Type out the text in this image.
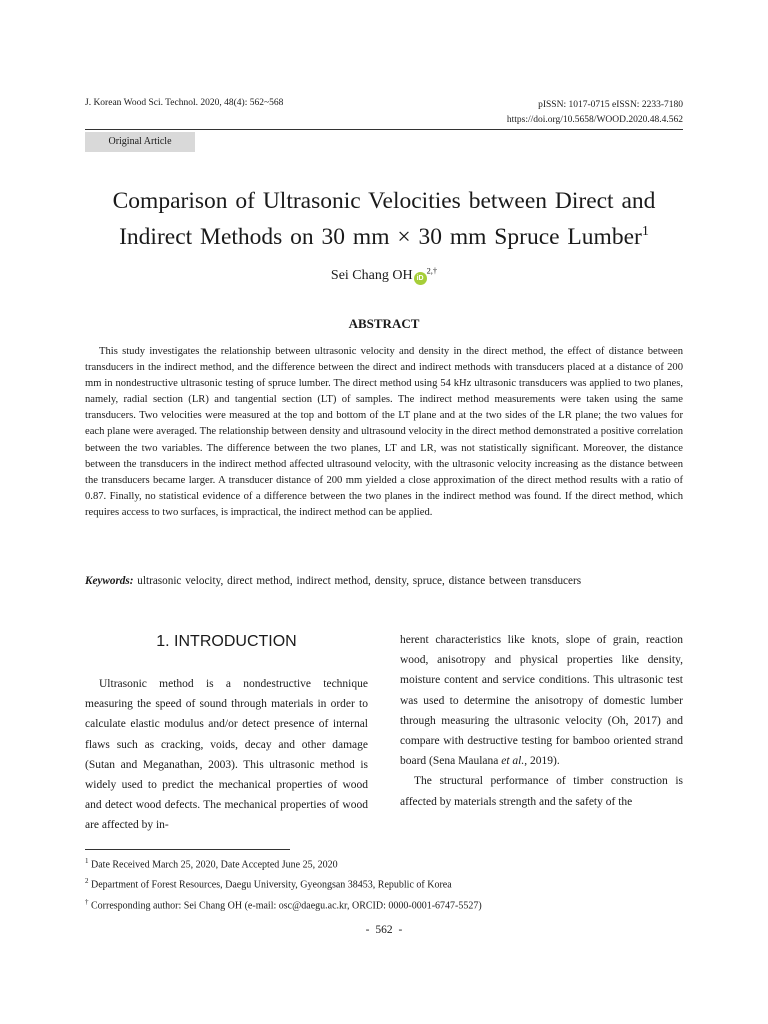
J. Korean Wood Sci. Technol. 2020, 48(4): 562~568	pISSN: 1017-0715 eISSN: 2233-7180
https://doi.org/10.5658/WOOD.2020.48.4.562
Original Article
Comparison of Ultrasonic Velocities between Direct and
Indirect Methods on 30 mm × 30 mm Spruce Lumber$^1$
Sei Chang OH $iD^{2,\dagger}$
ABSTRACT
This study investigates the relationship between ultrasonic velocity and density in the direct method, the effect of distance between transducers in the indirect method, and the difference between the direct and indirect methods with transducers placed at a distance of 200 mm in nondestructive ultrasonic testing of spruce lumber. The direct method using 54 kHz ultrasonic transducers was applied to two planes, namely, radial section (LR) and tangential section (LT) of samples. The indirect method measurements were taken using the same transducers. Two velocities were measured at the top and bottom of the LT plane and at the two sides of the LR plane; the two values for each plane were averaged. The relationship between density and ultrasound velocity in the direct method demonstrated a positive correlation between the two variables. The difference between the two planes, LT and LR, was not statistically significant. Moreover, the distance between the transducers in the indirect method affected ultrasound velocity, with the ultrasonic velocity increasing as the distance between the transducers became larger. A transducer distance of 200 mm yielded a close approximation of the direct method results with a ratio of 0.87. Finally, no statistical evidence of a difference between the two planes in the indirect method was found. If the direct method, which requires access to two surfaces, is impractical, the indirect method can be applied.
Keywords: ultrasonic velocity, direct method, indirect method, density, spruce, distance between transducers
1. INTRODUCTION

Ultrasonic method is a nondestructive technique measuring the speed of sound through materials in order to calculate elastic modulus and/or detect presence of internal flaws such as cracking, voids, decay and other damage (Sutan and Meganathan, 2003). This ultrasonic method is widely used to predict the mechanical properties of wood and detect wood defects. The mechanical properties of wood are affected by in-

herent characteristics like knots, slope of grain, reaction wood, anisotropy and physical properties like density, moisture content and service conditions. This ultrasonic test was used to determine the anisotropy of domestic lumber through measuring the ultrasonic velocity (Oh, 2017) and compare with destructive testing for bamboo oriented strand board (Sena Maulana et al., 2019).

The structural performance of timber construction is affected by materials strength and the safety of the

$^1$ Date Received March 25, 2020, Date Accepted June 25, 2020
$^2$ Department of Forest Resources, Daegu University, Gyeongsan 38453, Republic of Korea
† Corresponding author: Sei Chang OH (e-mail: osc@daegu.ac.kr, ORCID: 0000-0001-6747-5527)
- 562 -
